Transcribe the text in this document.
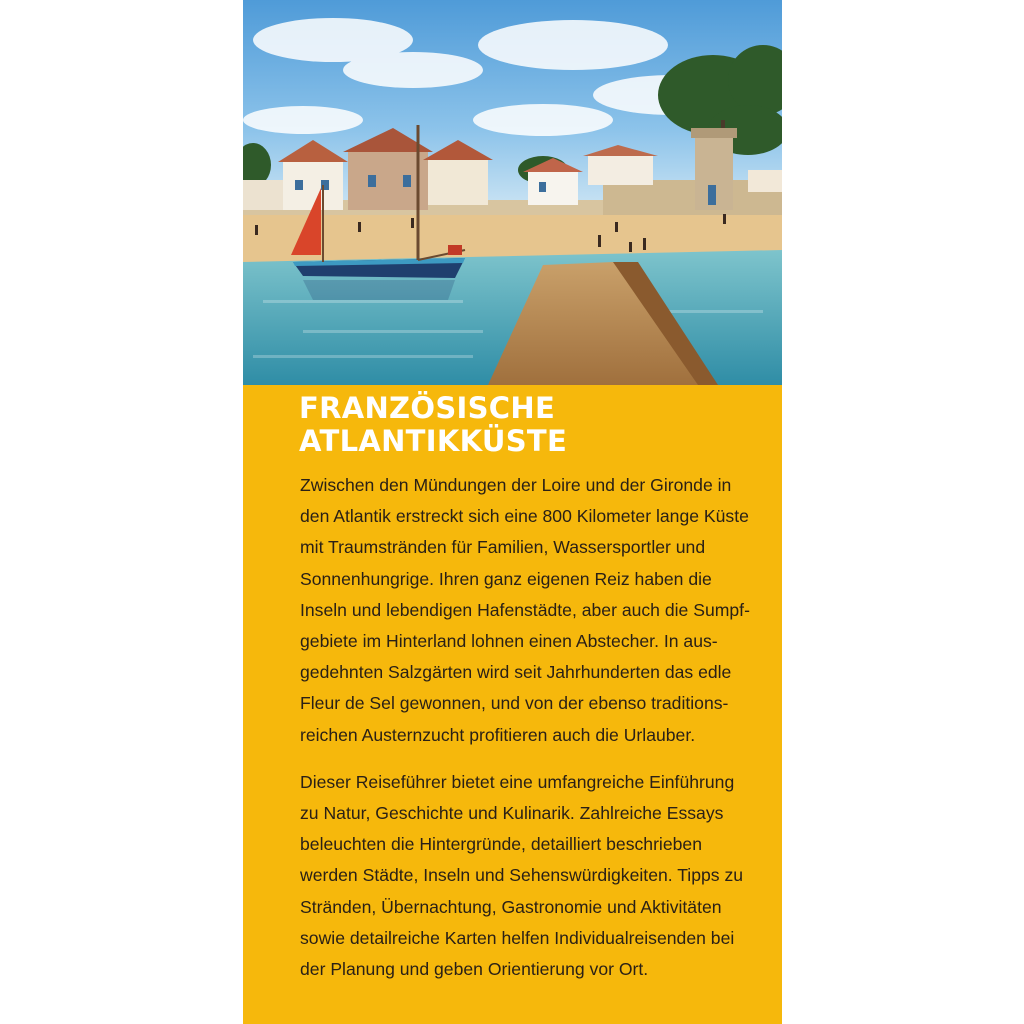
FRANZÖSISCHE
ATLANTIKKÜSTE
Zwischen den Mündungen der Loire und der Gironde in
den Atlantik erstreckt sich eine 800 Kilometer lange Küste
mit Traumstränden für Familien, Wassersportler und
Sonnenhungrige. Ihren ganz eigenen Reiz haben die
Inseln und lebendigen Hafenstädte, aber auch die Sumpf-
gebiete im Hinterland lohnen einen Abstecher. In aus-
gedehnten Salzgärten wird seit Jahrhunderten das edle
Fleur de Sel gewonnen, und von der ebenso traditions-
reichen Austernzucht profitieren auch die Urlauber.
Dieser Reiseführer bietet eine umfangreiche Einführung
zu Natur, Geschichte und Kulinarik. Zahlreiche Essays
beleuchten die Hintergründe, detailliert beschrieben
werden Städte, Inseln und Sehenswürdigkeiten. Tipps zu
Stränden, Übernachtung, Gastronomie und Aktivitäten
sowie detailreiche Karten helfen Individualreisenden bei
der Planung und geben Orientierung vor Ort.
